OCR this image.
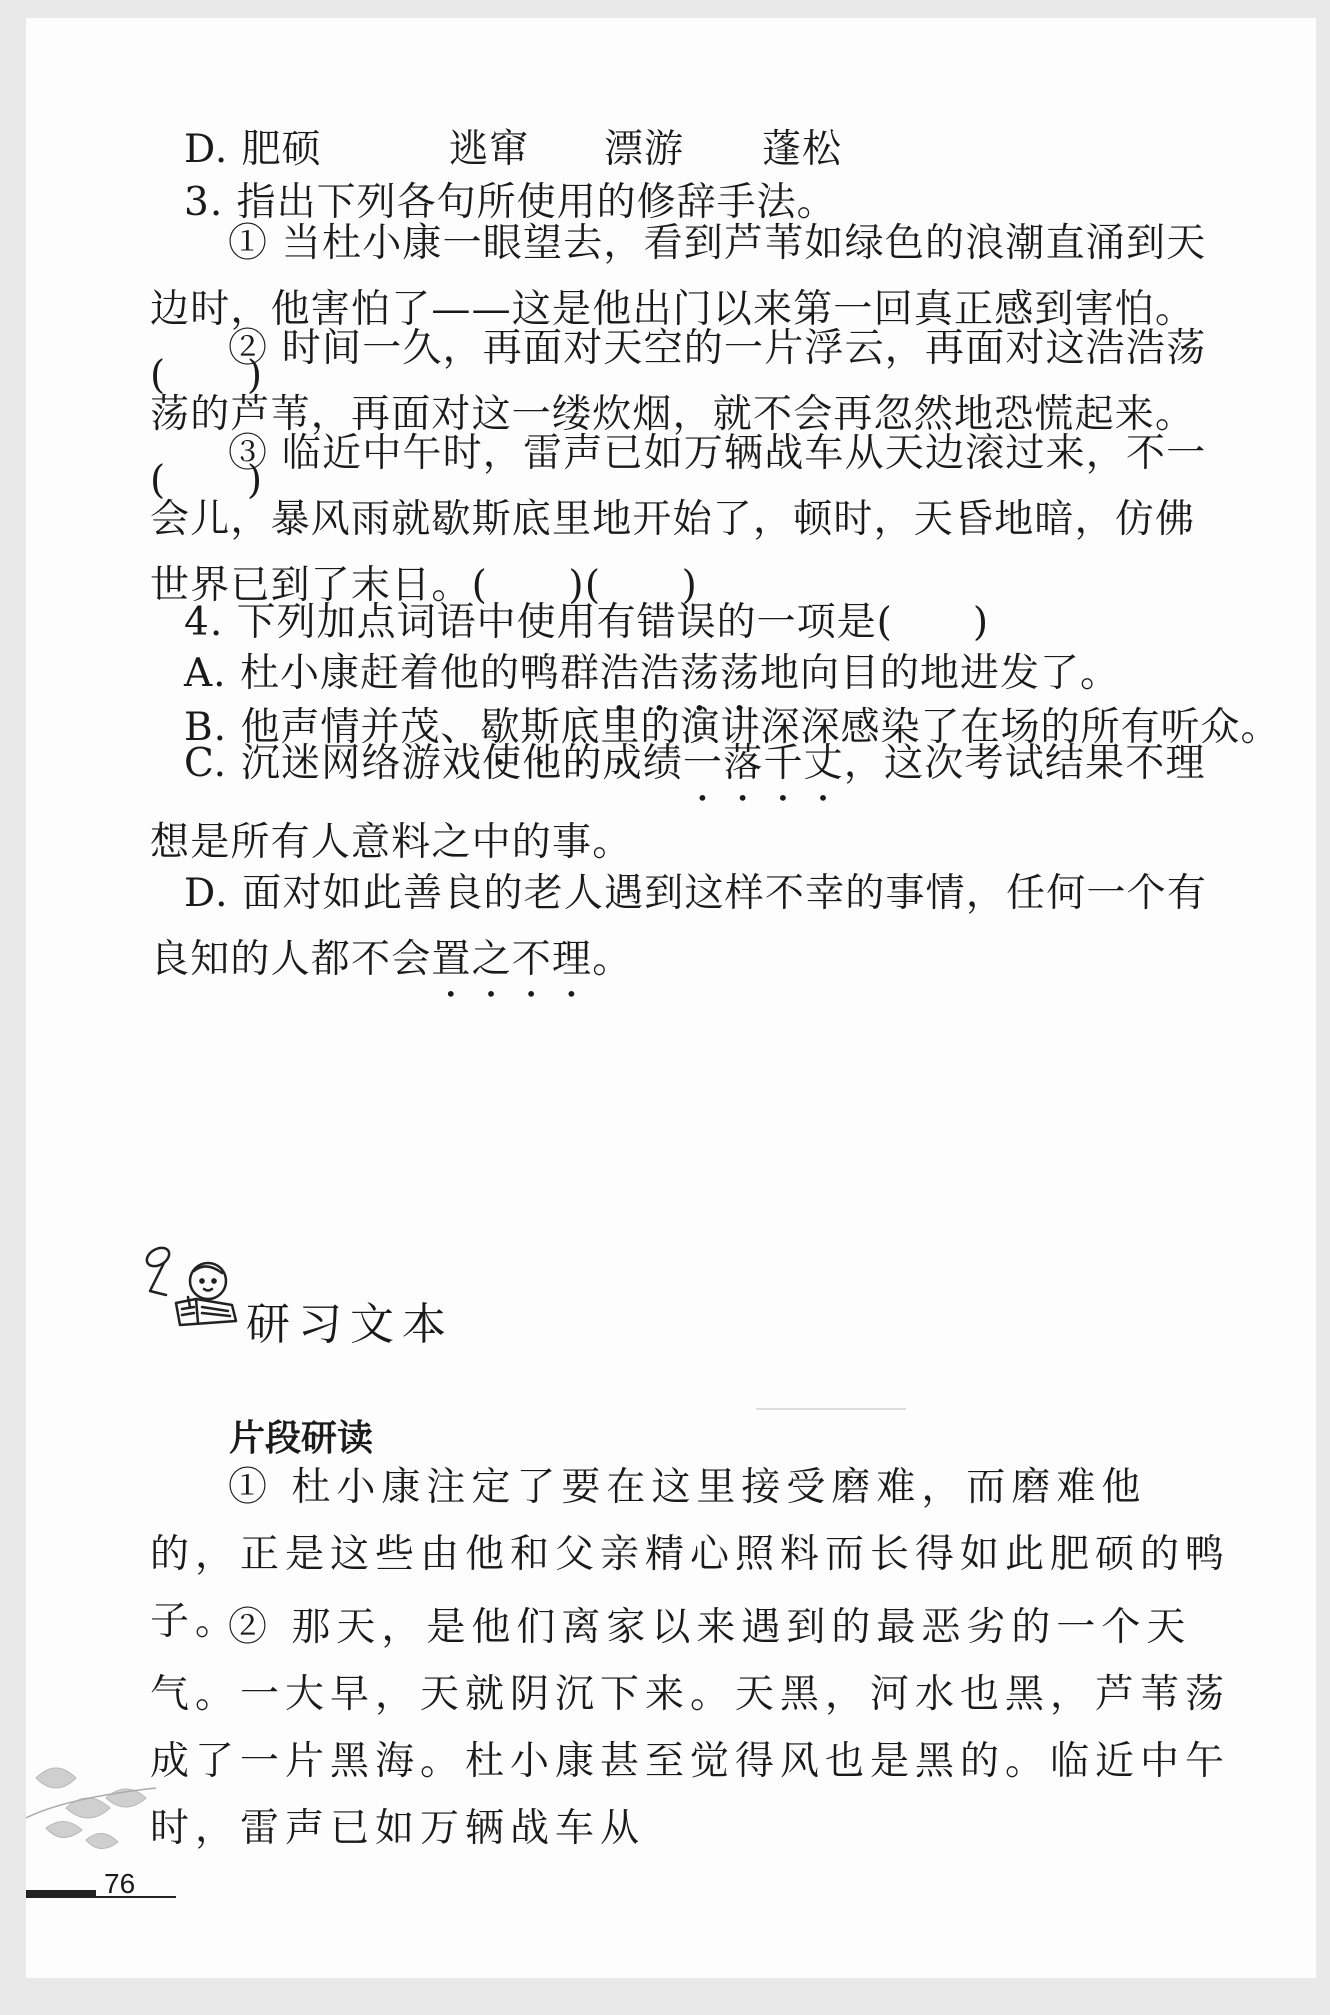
D. 肥硕	逃窜 漂游 蓬松
3. 指出下列各句所使用的修辞手法。
① 当杜小康一眼望去，看到芦苇如绿色的浪潮直涌到天边时，他害怕了——这是他出门以来第一回真正感到害怕。(　　)
② 时间一久，再面对天空的一片浮云，再面对这浩浩荡荡的芦苇，再面对这一缕炊烟，就不会再忽然地恐慌起来。(　　)
③ 临近中午时，雷声已如万辆战车从天边滚过来，不一会儿，暴风雨就歇斯底里地开始了，顿时，天昏地暗，仿佛世界已到了末日。(　　)(　　)
4. 下列加点词语中使用有错误的一项是(　　)
A. 杜小康赶着他的鸭群浩浩荡荡地向目的地进发了。
B. 他声情并茂、歇斯底里的演讲深深感染了在场的所有听众。
C. 沉迷网络游戏使他的成绩一落千丈，这次考试结果不理想是所有人意料之中的事。
D. 面对如此善良的老人遇到这样不幸的事情，任何一个有良知的人都不会置之不理。
研习文本
片段研读
① 杜小康注定了要在这里接受磨难，而磨难他的，正是这些由他和父亲精心照料而长得如此肥硕的鸭子。
② 那天，是他们离家以来遇到的最恶劣的一个天气。一大早，天就阴沉下来。天黑，河水也黑，芦苇荡成了一片黑海。杜小康甚至觉得风也是黑的。临近中午时，雷声已如万辆战车从
76
